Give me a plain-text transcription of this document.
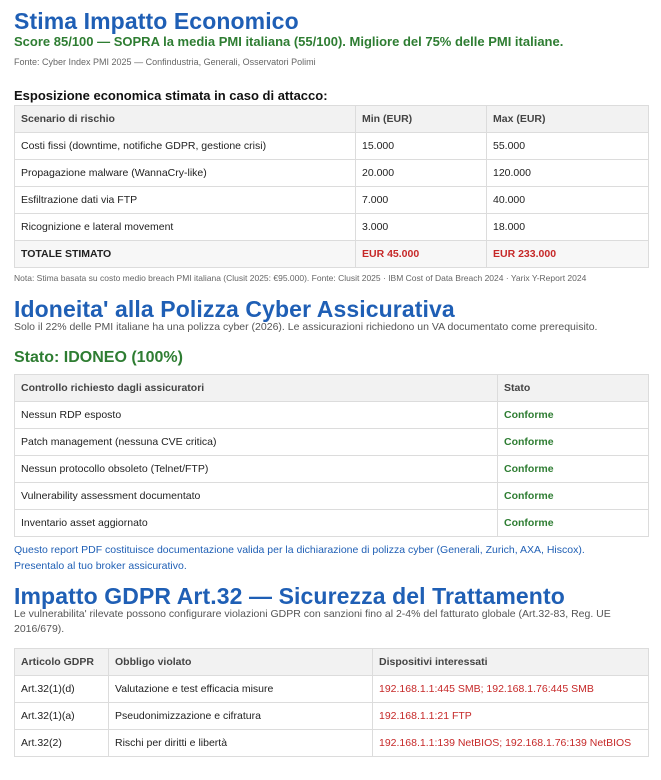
Stima Impatto Economico
Score 85/100 — SOPRA la media PMI italiana (55/100). Migliore del 75% delle PMI italiane.
Fonte: Cyber Index PMI 2025 — Confindustria, Generali, Osservatori Polimi
Esposizione economica stimata in caso di attacco:
Scenario di rischio	Min (EUR)	Max (EUR)
Costi fissi (downtime, notifiche GDPR, gestione crisi)	15.000	55.000
Propagazione malware (WannaCry-like)	20.000	120.000
Esfiltrazione dati via FTP	7.000	40.000
Ricognizione e lateral movement	3.000	18.000
TOTALE STIMATO	EUR 45.000	EUR 233.000
Nota: Stima basata su costo medio breach PMI italiana (Clusit 2025: €95.000). Fonte: Clusit 2025 · IBM Cost of Data Breach 2024 · Yarix Y-Report 2024
Idoneita' alla Polizza Cyber Assicurativa
Solo il 22% delle PMI italiane ha una polizza cyber (2026). Le assicurazioni richiedono un VA documentato come prerequisito.
Stato: IDONEO (100%)
Controllo richiesto dagli assicuratori	Stato
Nessun RDP esposto	Conforme
Patch management (nessuna CVE critica)	Conforme
Nessun protocollo obsoleto (Telnet/FTP)	Conforme
Vulnerability assessment documentato	Conforme
Inventario asset aggiornato	Conforme
Questo report PDF costituisce documentazione valida per la dichiarazione di polizza cyber (Generali, Zurich, AXA, Hiscox).
Presentalo al tuo broker assicurativo.
Impatto GDPR Art.32 — Sicurezza del Trattamento
Le vulnerabilita' rilevate possono configurare violazioni GDPR con sanzioni fino al 2-4% del fatturato globale (Art.32-83, Reg. UE
2016/679).
Articolo GDPR	Obbligo violato	Dispositivi interessati
Art.32(1)(d)	Valutazione e test efficacia misure	192.168.1.1:445 SMB; 192.168.1.76:445 SMB
Art.32(1)(a)	Pseudonimizzazione e cifratura	192.168.1.1:21 FTP
Art.32(2)	Rischi per diritti e libertà	192.168.1.1:139 NetBIOS; 192.168.1.76:139 NetBIOS
